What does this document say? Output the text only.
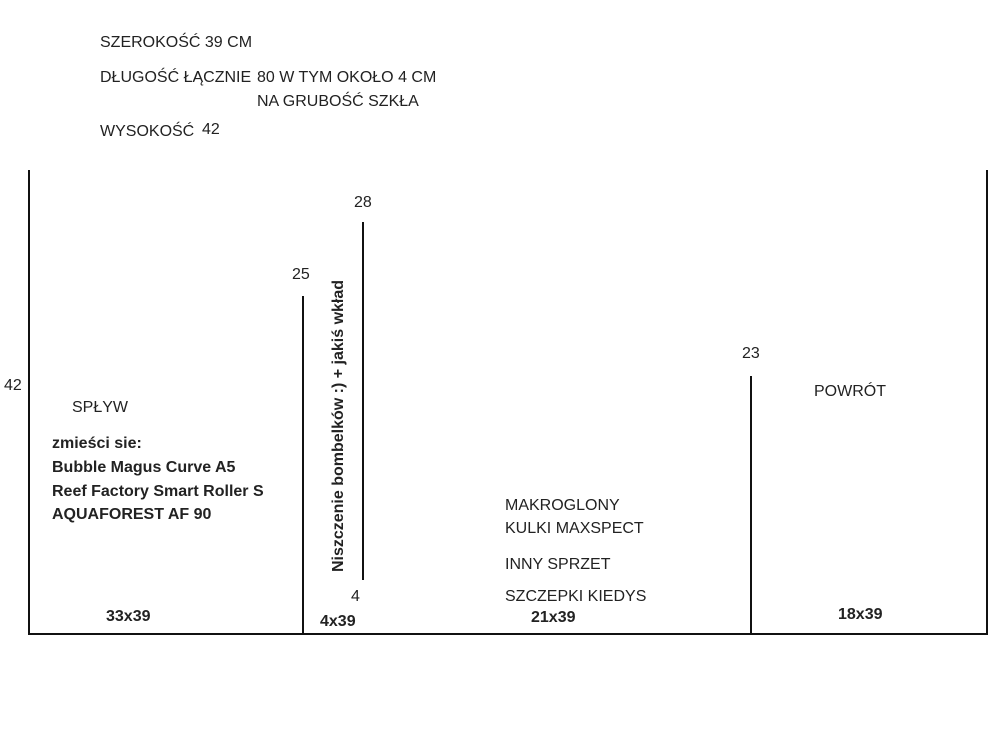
SZEROKOŚĆ 39 CM
DŁUGOŚĆ ŁĄCZNIE 80 W TYM OKOŁO 4 CM
NA GRUBOŚĆ SZKŁA
WYSOKOŚĆ 42
42
25
28
4
23
SPŁYW
zmieści sie:
Bubble Magus Curve A5
Reef Factory Smart Roller S
AQUAFOREST AF 90
33x39
Niszczenie bombelków :) + jakiś wkład
4x39
MAKROGLONY
KULKI MAXSPECT
INNY SPRZET
SZCZEPKI KIEDYS
21x39
POWRÓT
18x39
